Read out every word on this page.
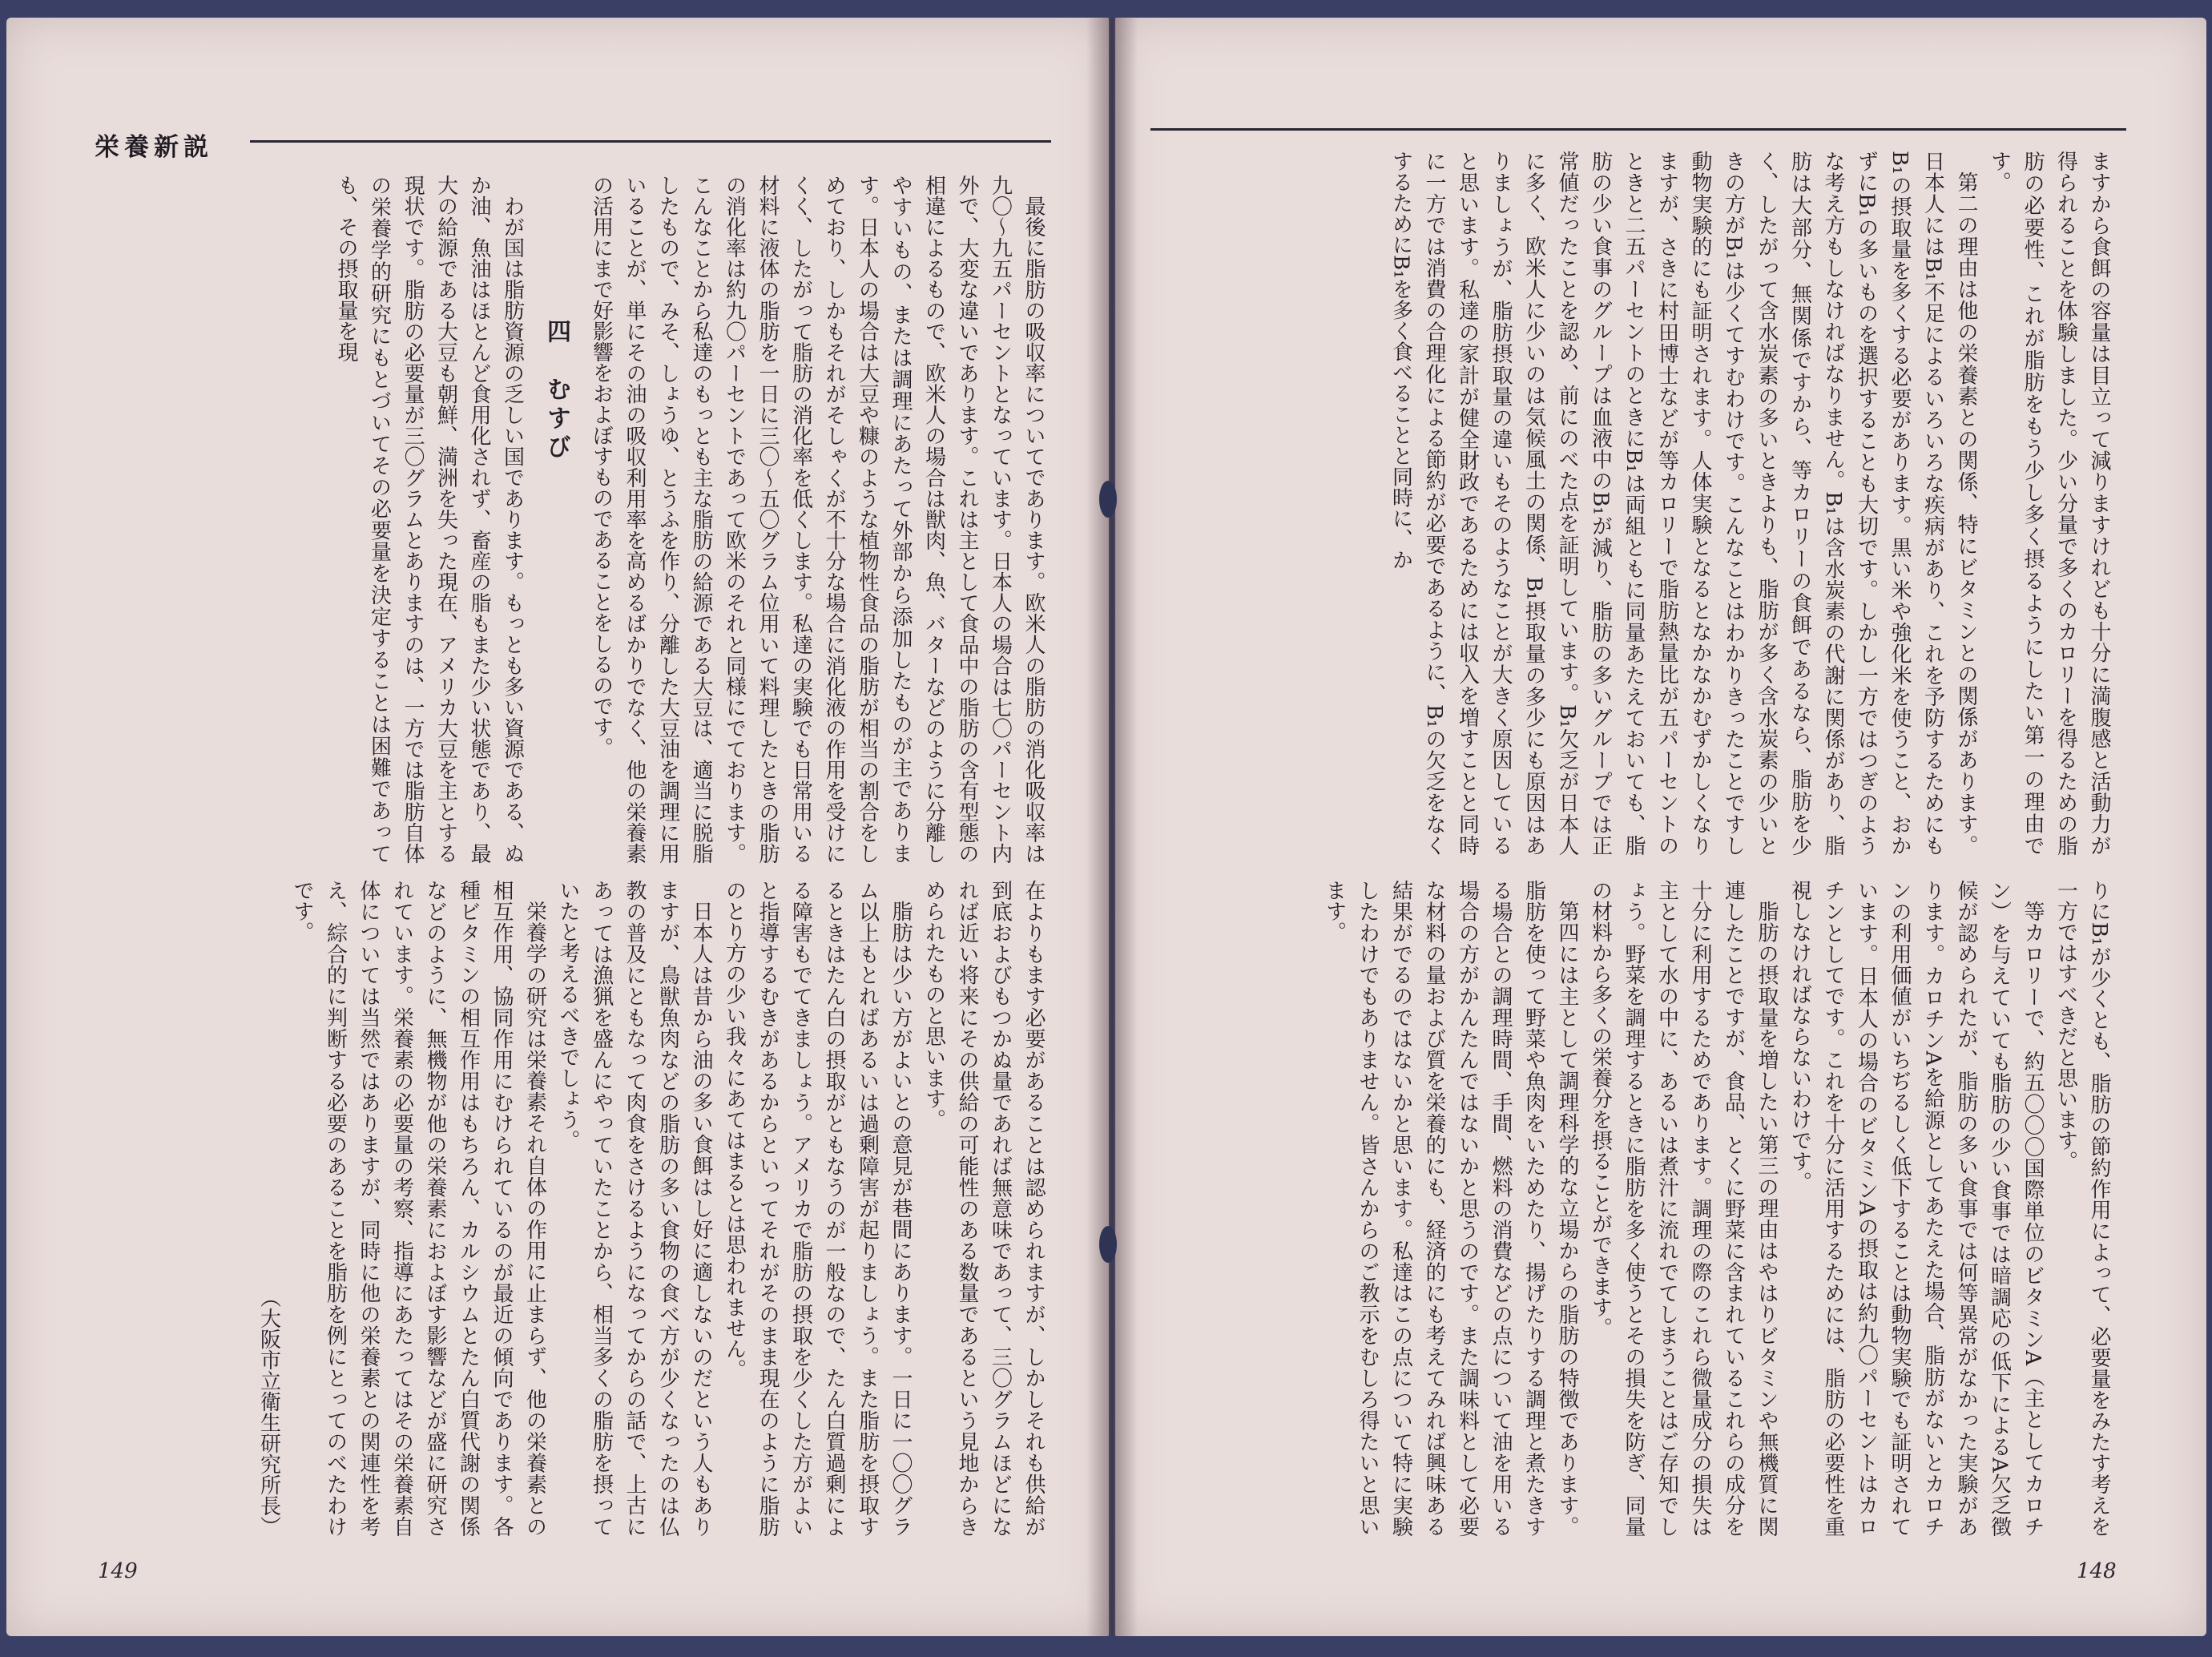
栄養新説

最後に脂肪の吸収率についてであります。欧米人の脂肪の消化吸収率は九〇〜九五パーセントとなっています。日本人の場合は七〇パーセント内外で、大変な違いであります。これは主として食品中の脂肪の含有型態の相違によるもので、欧米人の場合は獣肉、魚、バターなどのように分離しやすいもの、または調理にあたって外部から添加したものが主であります。日本人の場合は大豆や糠のような植物性食品の脂肪が相当の割合をしめており、しかもそれがそしゃくが不十分な場合に消化液の作用を受けにくく、したがって脂肪の消化率を低くします。私達の実験でも日常用いる材料に液体の脂肪を一日に三〇〜五〇グラム位用いて料理したときの脂肪の消化率は約九〇パーセントであって欧米のそれと同様にでております。こんなことから私達のもっとも主な脂肪の給源である大豆は、適当に脱脂したもので、みそ、しょうゆ、とうふを作り、分離した大豆油を調理に用いることが、単にその油の吸収利用率を高めるばかりでなく、他の栄養素の活用にまで好影響をおよぼすものであることをしるのです。

四　むすび

わが国は脂肪資源の乏しい国であります。もっとも多い資源である、ぬか油、魚油はほとんど食用化されず、畜産の脂もまた少い状態であり、最大の給源である大豆も朝鮮、満洲を失った現在、アメリカ大豆を主とする現状です。脂肪の必要量が三〇グラムとありますのは、一方では脂肪自体の栄養学的研究にもとづいてその必要量を決定することは困難であっても、その摂取量を現

在よりもます必要があることは認められますが、しかしそれも供給が到底およびもつかぬ量であれば無意味であって、三〇グラムほどになれば近い将来にその供給の可能性のある数量であるという見地からきめられたものと思います。

脂肪は少い方がよいとの意見が巷間にあります。一日に一〇〇グラム以上もとればあるいは過剰障害が起りましょう。また脂肪を摂取するときはたん白の摂取がともなうのが一般なので、たん白質過剰による障害もでてきましょう。アメリカで脂肪の摂取を少くした方がよいと指導するむきがあるからといってそれがそのまま現在のように脂肪のとり方の少い我々にあてはまるとは思われません。

日本人は昔から油の多い食餌はし好に適しないのだという人もありますが、鳥獣魚肉などの脂肪の多い食物の食べ方が少くなったのは仏教の普及にともなって肉食をさけるようになってからの話で、上古にあっては漁猟を盛んにやっていたことから、相当多くの脂肪を摂っていたと考えるべきでしょう。

栄養学の研究は栄養素それ自体の作用に止まらず、他の栄養素との相互作用、協同作用にむけられているのが最近の傾向であります。各種ビタミンの相互作用はもちろん、カルシウムとたん白質代謝の関係などのように、無機物が他の栄養素におよぼす影響などが盛に研究されています。栄養素の必要量の考察、指導にあたってはその栄養素自体については当然ではありますが、同時に他の栄養素との関連性を考え、綜合的に判断する必要のあることを脂肪を例にとってのべたわけです。

（大阪市立衛生研究所長）

149

ますから食餌の容量は目立って減りますけれども十分に満腹感と活動力が得られることを体験しました。少い分量で多くのカロリーを得るための脂肪の必要性、これが脂肪をもう少し多く摂るようにしたい第一の理由です。

第二の理由は他の栄養素との関係、特にビタミンとの関係があります。日本人にはB₁不足によるいろいろな疾病があり、これを予防するためにもB₁の摂取量を多くする必要があります。黒い米や強化米を使うこと、おかずにB₁の多いものを選択することも大切です。しかし一方ではつぎのような考え方もしなければなりません。B₁は含水炭素の代謝に関係があり、脂肪は大部分、無関係ですから、等カロリーの食餌であるなら、脂肪を少く、したがって含水炭素の多いときよりも、脂肪が多く含水炭素の少いときの方がB₁は少くてすむわけです。こんなことはわかりきったことですし動物実験的にも証明されます。人体実験となるとなかなかむずかしくなりますが、さきに村田博士などが等カロリーで脂肪熱量比が五パーセントのときと二五パーセントのときにB₁は両組ともに同量あたえておいても、脂肪の少い食事のグループは血液中のB₁が減り、脂肪の多いグループでは正常値だったことを認め、前にのべた点を証明しています。B₁欠乏が日本人に多く、欧米人に少いのは気候風土の関係、B₁摂取量の多少にも原因はありましょうが、脂肪摂取量の違いもそのようなことが大きく原因していると思います。私達の家計が健全財政であるためには収入を増すことと同時に一方では消費の合理化による節約が必要であるように、B₁の欠乏をなくするためにB₁を多く食べることと同時に、か

りにB₁が少くとも、脂肪の節約作用によって、必要量をみたす考えを一方ではすべきだと思います。

等カロリーで、約五〇〇〇国際単位のビタミンA（主としてカロチン）を与えていても脂肪の少い食事では暗調応の低下によるA欠乏徴候が認められたが、脂肪の多い食事では何等異常がなかった実験があります。カロチンAを給源としてあたえた場合、脂肪がないとカロチンの利用価値がいちぢるしく低下することは動物実験でも証明されています。日本人の場合のビタミンAの摂取は約九〇パーセントはカロチンとしてです。これを十分に活用するためには、脂肪の必要性を重視しなければならないわけです。

脂肪の摂取量を増したい第三の理由はやはりビタミンや無機質に関連したことですが、食品、とくに野菜に含まれているこれらの成分を十分に利用するためであります。調理の際のこれら微量成分の損失は主として水の中に、あるいは煮汁に流れでてしまうことはご存知でしょう。野菜を調理するときに脂肪を多く使うとその損失を防ぎ、同量の材料から多くの栄養分を摂ることができます。

第四には主として調理科学的な立場からの脂肪の特徴であります。脂肪を使って野菜や魚肉をいためたり、揚げたりする調理と煮たきする場合との調理時間、手間、燃料の消費などの点について油を用いる場合の方がかんたんではないかと思うのです。また調味料として必要な材料の量および質を栄養的にも、経済的にも考えてみれば興味ある結果がでるのではないかと思います。私達はこの点について特に実験したわけでもありません。皆さんからのご教示をむしろ得たいと思います。

148
